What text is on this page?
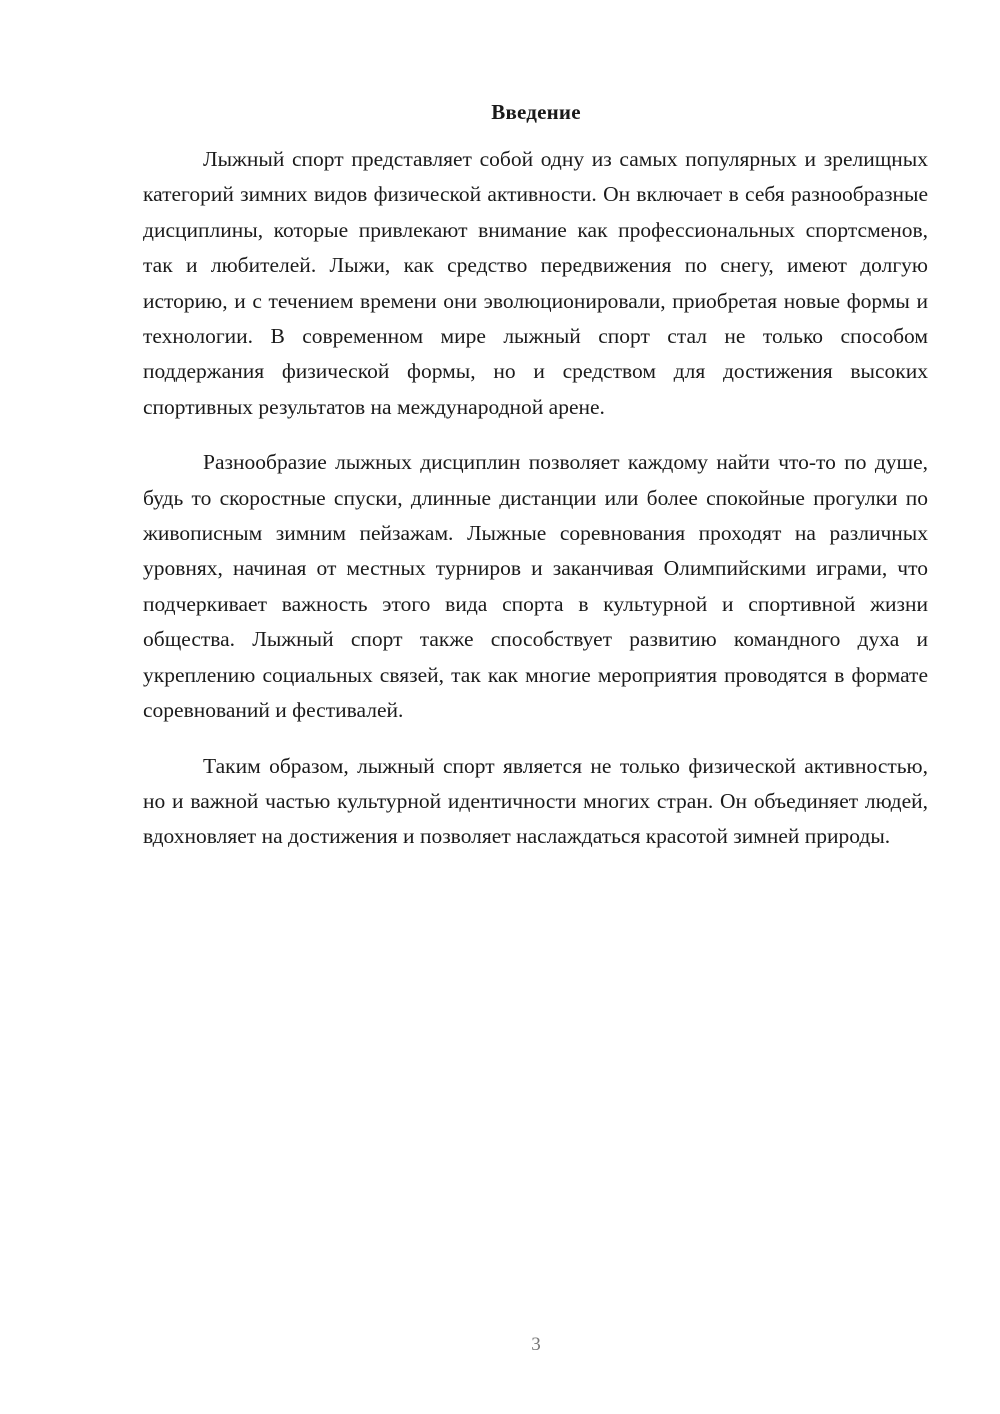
Введение

Лыжный спорт представляет собой одну из самых популярных и зрелищных категорий зимних видов физической активности. Он включает в себя разнообразные дисциплины, которые привлекают внимание как профессиональных спортсменов, так и любителей. Лыжи, как средство передвижения по снегу, имеют долгую историю, и с течением времени они эволюционировали, приобретая новые формы и технологии. В современном мире лыжный спорт стал не только способом поддержания физической формы, но и средством для достижения высоких спортивных результатов на международной арене.

Разнообразие лыжных дисциплин позволяет каждому найти что-то по душе, будь то скоростные спуски, длинные дистанции или более спокойные прогулки по живописным зимним пейзажам. Лыжные соревнования проходят на различных уровнях, начиная от местных турниров и заканчивая Олимпийскими играми, что подчеркивает важность этого вида спорта в культурной и спортивной жизни общества. Лыжный спорт также способствует развитию командного духа и укреплению социальных связей, так как многие мероприятия проводятся в формате соревнований и фестивалей.

Таким образом, лыжный спорт является не только физической активностью, но и важной частью культурной идентичности многих стран. Он объединяет людей, вдохновляет на достижения и позволяет наслаждаться красотой зимней природы.

3
